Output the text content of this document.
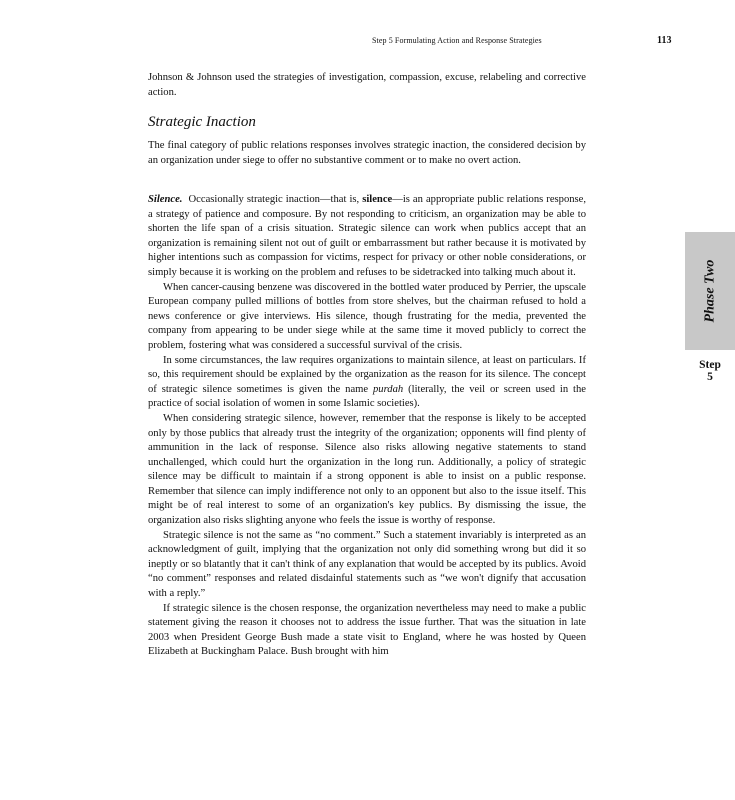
Step 5 Formulating Action and Response Strategies	113

Johnson & Johnson used the strategies of investigation, compassion, excuse, relabeling and corrective action.

Strategic Inaction

The final category of public relations responses involves strategic inaction, the considered decision by an organization under siege to offer no substantive comment or to make no overt action.

Silence. Occasionally strategic inaction—that is, silence—is an appropriate public relations response, a strategy of patience and composure. By not responding to criticism, an organization may be able to shorten the life span of a crisis situation. Strategic silence can work when publics accept that an organization is remaining silent not out of guilt or embarrassment but rather because it is motivated by higher intentions such as compassion for victims, respect for privacy or other noble considerations, or simply because it is working on the problem and refuses to be sidetracked into talking much about it.

When cancer-causing benzene was discovered in the bottled water produced by Perrier, the upscale European company pulled millions of bottles from store shelves, but the chairman refused to hold a news conference or give interviews. His silence, though frustrating for the media, prevented the company from appearing to be under siege while at the same time it moved publicly to correct the problem, fostering what was considered a successful survival of the crisis.

In some circumstances, the law requires organizations to maintain silence, at least on particulars. If so, this requirement should be explained by the organization as the reason for its silence. The concept of strategic silence sometimes is given the name purdah (literally, the veil or screen used in the practice of social isolation of women in some Islamic societies).

When considering strategic silence, however, remember that the response is likely to be accepted only by those publics that already trust the integrity of the organization; opponents will find plenty of ammunition in the lack of response. Silence also risks allowing negative statements to stand unchallenged, which could hurt the organization in the long run. Additionally, a policy of strategic silence may be difficult to maintain if a strong opponent is able to insist on a public response. Remember that silence can imply indifference not only to an opponent but also to the issue itself. This might be of real interest to some of an organization's key publics. By dismissing the issue, the organization also risks slighting anyone who feels the issue is worthy of response.

Strategic silence is not the same as “no comment.” Such a statement invariably is interpreted as an acknowledgment of guilt, implying that the organization not only did something wrong but did it so ineptly or so blatantly that it can't think of any explanation that would be accepted by its publics. Avoid “no comment” responses and related disdainful statements such as “we won't dignify that accusation with a reply.”

If strategic silence is the chosen response, the organization nevertheless may need to make a public statement giving the reason it chooses not to address the issue further. That was the situation in late 2003 when President George Bush made a state visit to England, where he was hosted by Queen Elizabeth at Buckingham Palace. Bush brought with him

Phase Two
Step
5
